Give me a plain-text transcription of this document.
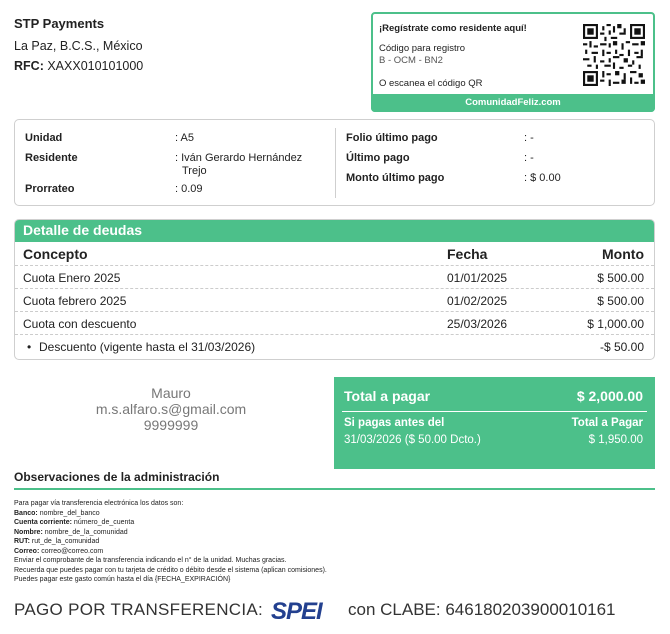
STP Payments
La Paz, B.C.S., México
RFC: XAXX010101000
¡Regístrate como residente aquí!
Código para registro
B - OCM - BN2
O escanea el código QR
ComunidadFeliz.com
Unidad	: A5
Residente	: Iván Gerardo Hernández
Trejo
Prorrateo	: 0.09
Folio último pago	: -
Último pago	: -
Monto último pago	: $ 0.00
Detalle de deudas
Concepto	Fecha	Monto
Cuota Enero 2025	01/01/2025	$ 500.00
Cuota febrero 2025	01/02/2025	$ 500.00
Cuota con descuento	25/03/2026	$ 1,000.00
• Descuento (vigente hasta el 31/03/2026)	-$ 50.00
Mauro
m.s.alfaro.s@gmail.com
9999999
Total a pagar	$ 2,000.00
Si pagas antes del	Total a Pagar
31/03/2026 ($ 50.00 Dcto.)	$ 1,950.00
Observaciones de la administración
Para pagar vía transferencia electrónica los datos son:
Banco: nombre_del_banco
Cuenta corriente: número_de_cuenta
Nombre: nombre_de_la_comunidad
RUT: rut_de_la_comunidad
Correo: correo@correo.com
Enviar el comprobante de la transferencia indicando el n° de la unidad. Muchas gracias.
Recuerda que puedes pagar con tu tarjeta de crédito o débito desde el sistema (aplican comisiones).
Puedes pagar este gasto común hasta el día {FECHA_EXPIRACIÓN}
PAGO POR TRANSFERENCIA: SPEI con CLABE: 646180203900010161
